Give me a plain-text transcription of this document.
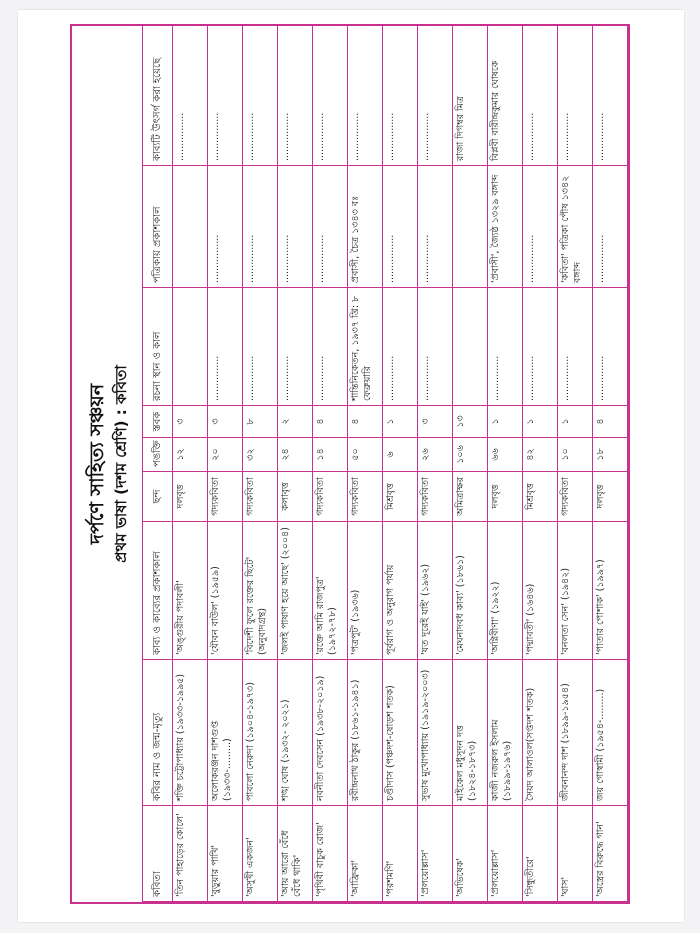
দর্পণে সাহিত্য সঞ্চয়ন প্রথম ভাষা (দশম শ্রেণি) : কবিতা
কবিতা	কবির নাম ও জন্ম-মৃত্যু	কাব্য ও কাব্যের প্রকাশকাল	ছন্দ	পঙক্তি	স্তবক	রচনা স্থান ও কাল	পত্রিকায় প্রকাশকাল	কাব্যটি উৎসর্গ করা হয়েছে
'তিন পাহাড়ের কোলে'	শক্তি চট্টোপাধ্যায় (১৯৩৩-১৯৯৫)	'অঙ্গুরীয় পদাবলী'	দলবৃত্ত	১২	৩			................
'বুড়ুয়ার পাখি'	অলোকরঞ্জন দাশগুপ্ত (১৯৩৩-.........)	'যৌবন বাউল' (১৯৫৯)	গদ্যকবিতা	২০	৩	...............	................	................
'অসুখী একজন'	পাবলো নেরুদা (১৯০৪-১৯৭৩)	'বিদেশী ফুলে রক্তের ছিটে' (অনুবাদগ্রন্থ)	গদ্যকবিতা	৩২	৮	...............	................	................
'আয় আরো বেঁধে বেঁধে থাকি'	শঙ্খ ঘোষ (১৯৩২- ২০২১)	'জলই পাষাণ হয়ে আছে' (২০০৪)	কলাবৃত্ত	২৪	২	...............	................	................
'পৃথিবী বাচুক রোজ'	নবনীতা দেবসেন (১৯৩৮-২০১৯)	'রক্তে আমি রাজপুত্র' (১৯৭২-৭৮)	গদ্যকবিতা	১৪	৪	...............	................	................
'আফ্রিকা'	রবীন্দ্রনাথ ঠাকুর (১৮৬১-১৯৪১)	'পত্রপুট' (১৯৩৬)	গদ্যকবিতা	৫০	৪	শান্তিনিকেতন, ১৯৩৭ খ্রি: ৮ ফেব্রুয়ারি	প্রবাসী, চৈত্র ১৩৪৩ বঃ	................
'পরশমণি'	চণ্ডীদাস (পঞ্চদশ-ষোড়শ শতক)	পূর্বরাগ ও অনুরাগ পর্যায়	মিশ্রবৃত্ত	৬	১	...............	................	................
'প্রলয়োল্লাস'	সুভাষ মুখোপাধ্যায় (১৯১৯-২০০৩)	'যত দূরেই যাই' (১৯৬২)	গদ্যকবিতা	২৬	৩	...............	................	................
'অভিষেক'	মাইকেল মধুসূদন দত্ত (১৮২৪-১৮৭৩)	'মেঘনাদবধ কাব্য' (১৮৬১)	অমিত্রাক্ষর	১০৬	১৩			রাজা দিগম্বর মিত্র
'প্রলয়োল্লাস'	কাজী নজরুল ইসলাম (১৮৯৯-১৯৭৬)	'অগ্নিবীণা' (১৯২২)	দলবৃত্ত	৬৬	১	...............	'প্রবাসী', জ্যৈষ্ঠ ১৩২৯ বঙ্গাব্দ	বিপ্লবী বারীন্দ্রকুমার ঘোষকে
'সিন্ধুতীরে'	সৈয়দ আলাওল(সপ্তদশ শতক)	'পদ্মাবতী' (১৬৪৬)	মিশ্রবৃত্ত	৪২	১	...............	................	................
'ঘাস'	জীবনানন্দ দাশ (১৮৯৯-১৯৫৪)	'বনলতা সেন' (১৯৪২)	গদ্যকবিতা	১০	১	...............	'কবিতা' পত্রিকা পৌষ ১৩৪২ বঙ্গাব্দ	................
'অস্ত্রের বিরুদ্ধে গান'	জয় গোস্বামী (১৯৫৪-.........)	'পাতার পোশাক' (১৯৯৭)	দলবৃত্ত	১৮	৪	...............	................	................
